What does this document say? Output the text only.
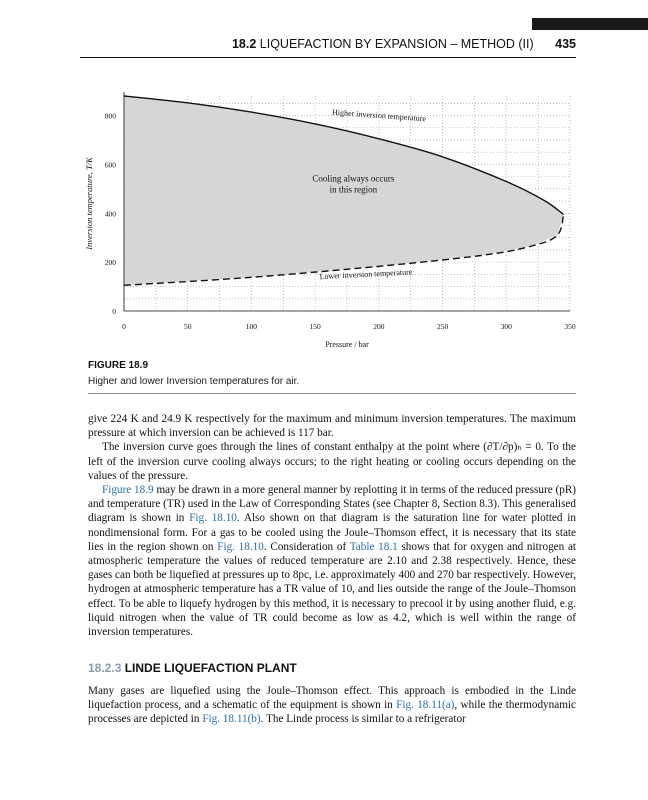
18.2 LIQUEFACTION BY EXPANSION – METHOD (II) 435
0	50	100	150	200	250	300	350
0
200
400
600
800	Higher inversion temperature
Cooling always occurs
in this region
Lower inversion temperature
Pressure / bar
Inversion temperature, T/K
FIGURE 18.9
Higher and lower Inversion temperatures for air.

give 224 K and 24.9 K respectively for the maximum and minimum inversion temperatures. The maximum pressure at which inversion can be achieved is 117 bar.

The inversion curve goes through the lines of constant enthalpy at the point where (∂T/∂p)ₕ = 0. To the left of the inversion curve cooling always occurs; to the right heating or cooling occurs depending on the values of the pressure.

Figure 18.9 may be drawn in a more general manner by replotting it in terms of the reduced pressure (pR) and temperature (TR) used in the Law of Corresponding States (see Chapter 8, Section 8.3). This generalised diagram is shown in Fig. 18.10. Also shown on that diagram is the saturation line for water plotted in nondimensional form. For a gas to be cooled using the Joule–Thomson effect, it is necessary that its state lies in the region shown on Fig. 18.10. Consideration of Table 18.1 shows that for oxygen and nitrogen at atmospheric temperature the values of reduced temperature are 2.10 and 2.38 respectively. Hence, these gases can both be liquefied at pressures up to 8pc, i.e. approximately 400 and 270 bar respectively. However, hydrogen at atmospheric temperature has a TR value of 10, and lies outside the range of the Joule–Thomson effect. To be able to liquefy hydrogen by this method, it is necessary to precool it by using another fluid, e.g. liquid nitrogen when the value of TR could become as low as 4.2, which is well within the range of inversion temperatures.

18.2.3 LINDE LIQUEFACTION PLANT

Many gases are liquefied using the Joule–Thomson effect. This approach is embodied in the Linde liquefaction process, and a schematic of the equipment is shown in Fig. 18.11(a), while the thermodynamic processes are depicted in Fig. 18.11(b). The Linde process is similar to a refrigerator
